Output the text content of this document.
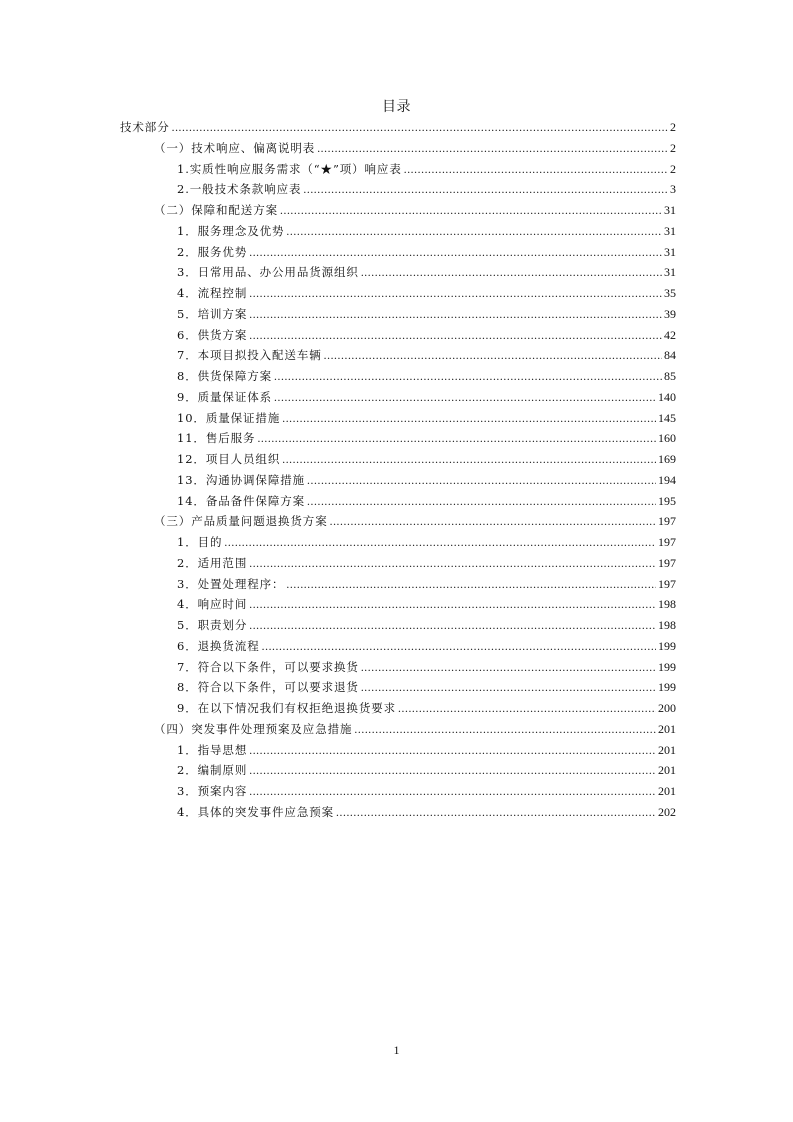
目录
技术部分 .....	2
（一）技术响应、偏离说明表 .....	2
1.实质性响应服务需求（“★”项）响应表 .....	2
2.一般技术条款响应表 .....	3
（二）保障和配送方案 .....	31
1．服务理念及优势 .....	31
2．服务优势 .....	31
3．日常用品、办公用品货源组织 .....	31
4．流程控制 .....	35
5．培训方案 .....	39
6．供货方案 .....	42
7．本项目拟投入配送车辆 .....	84
8．供货保障方案 .....	85
9．质量保证体系 .....	140
10．质量保证措施 .....	145
11．售后服务 .....	160
12．项目人员组织 .....	169
13．沟通协调保障措施 .....	194
14．备品备件保障方案 .....	195
（三）产品质量问题退换货方案 .....	197
1．目的 .....	197
2．适用范围 .....	197
3．处置处理程序： .....	197
4．响应时间 .....	198
5．职责划分 .....	198
6．退换货流程 .....	199
7．符合以下条件，可以要求换货 .....	199
8．符合以下条件，可以要求退货 .....	199
9．在以下情况我们有权拒绝退换货要求 .....	200
（四）突发事件处理预案及应急措施 .....	201
1．指导思想 .....	201
2．编制原则 .....	201
3．预案内容 .....	201
4．具体的突发事件应急预案 .....	202
1
